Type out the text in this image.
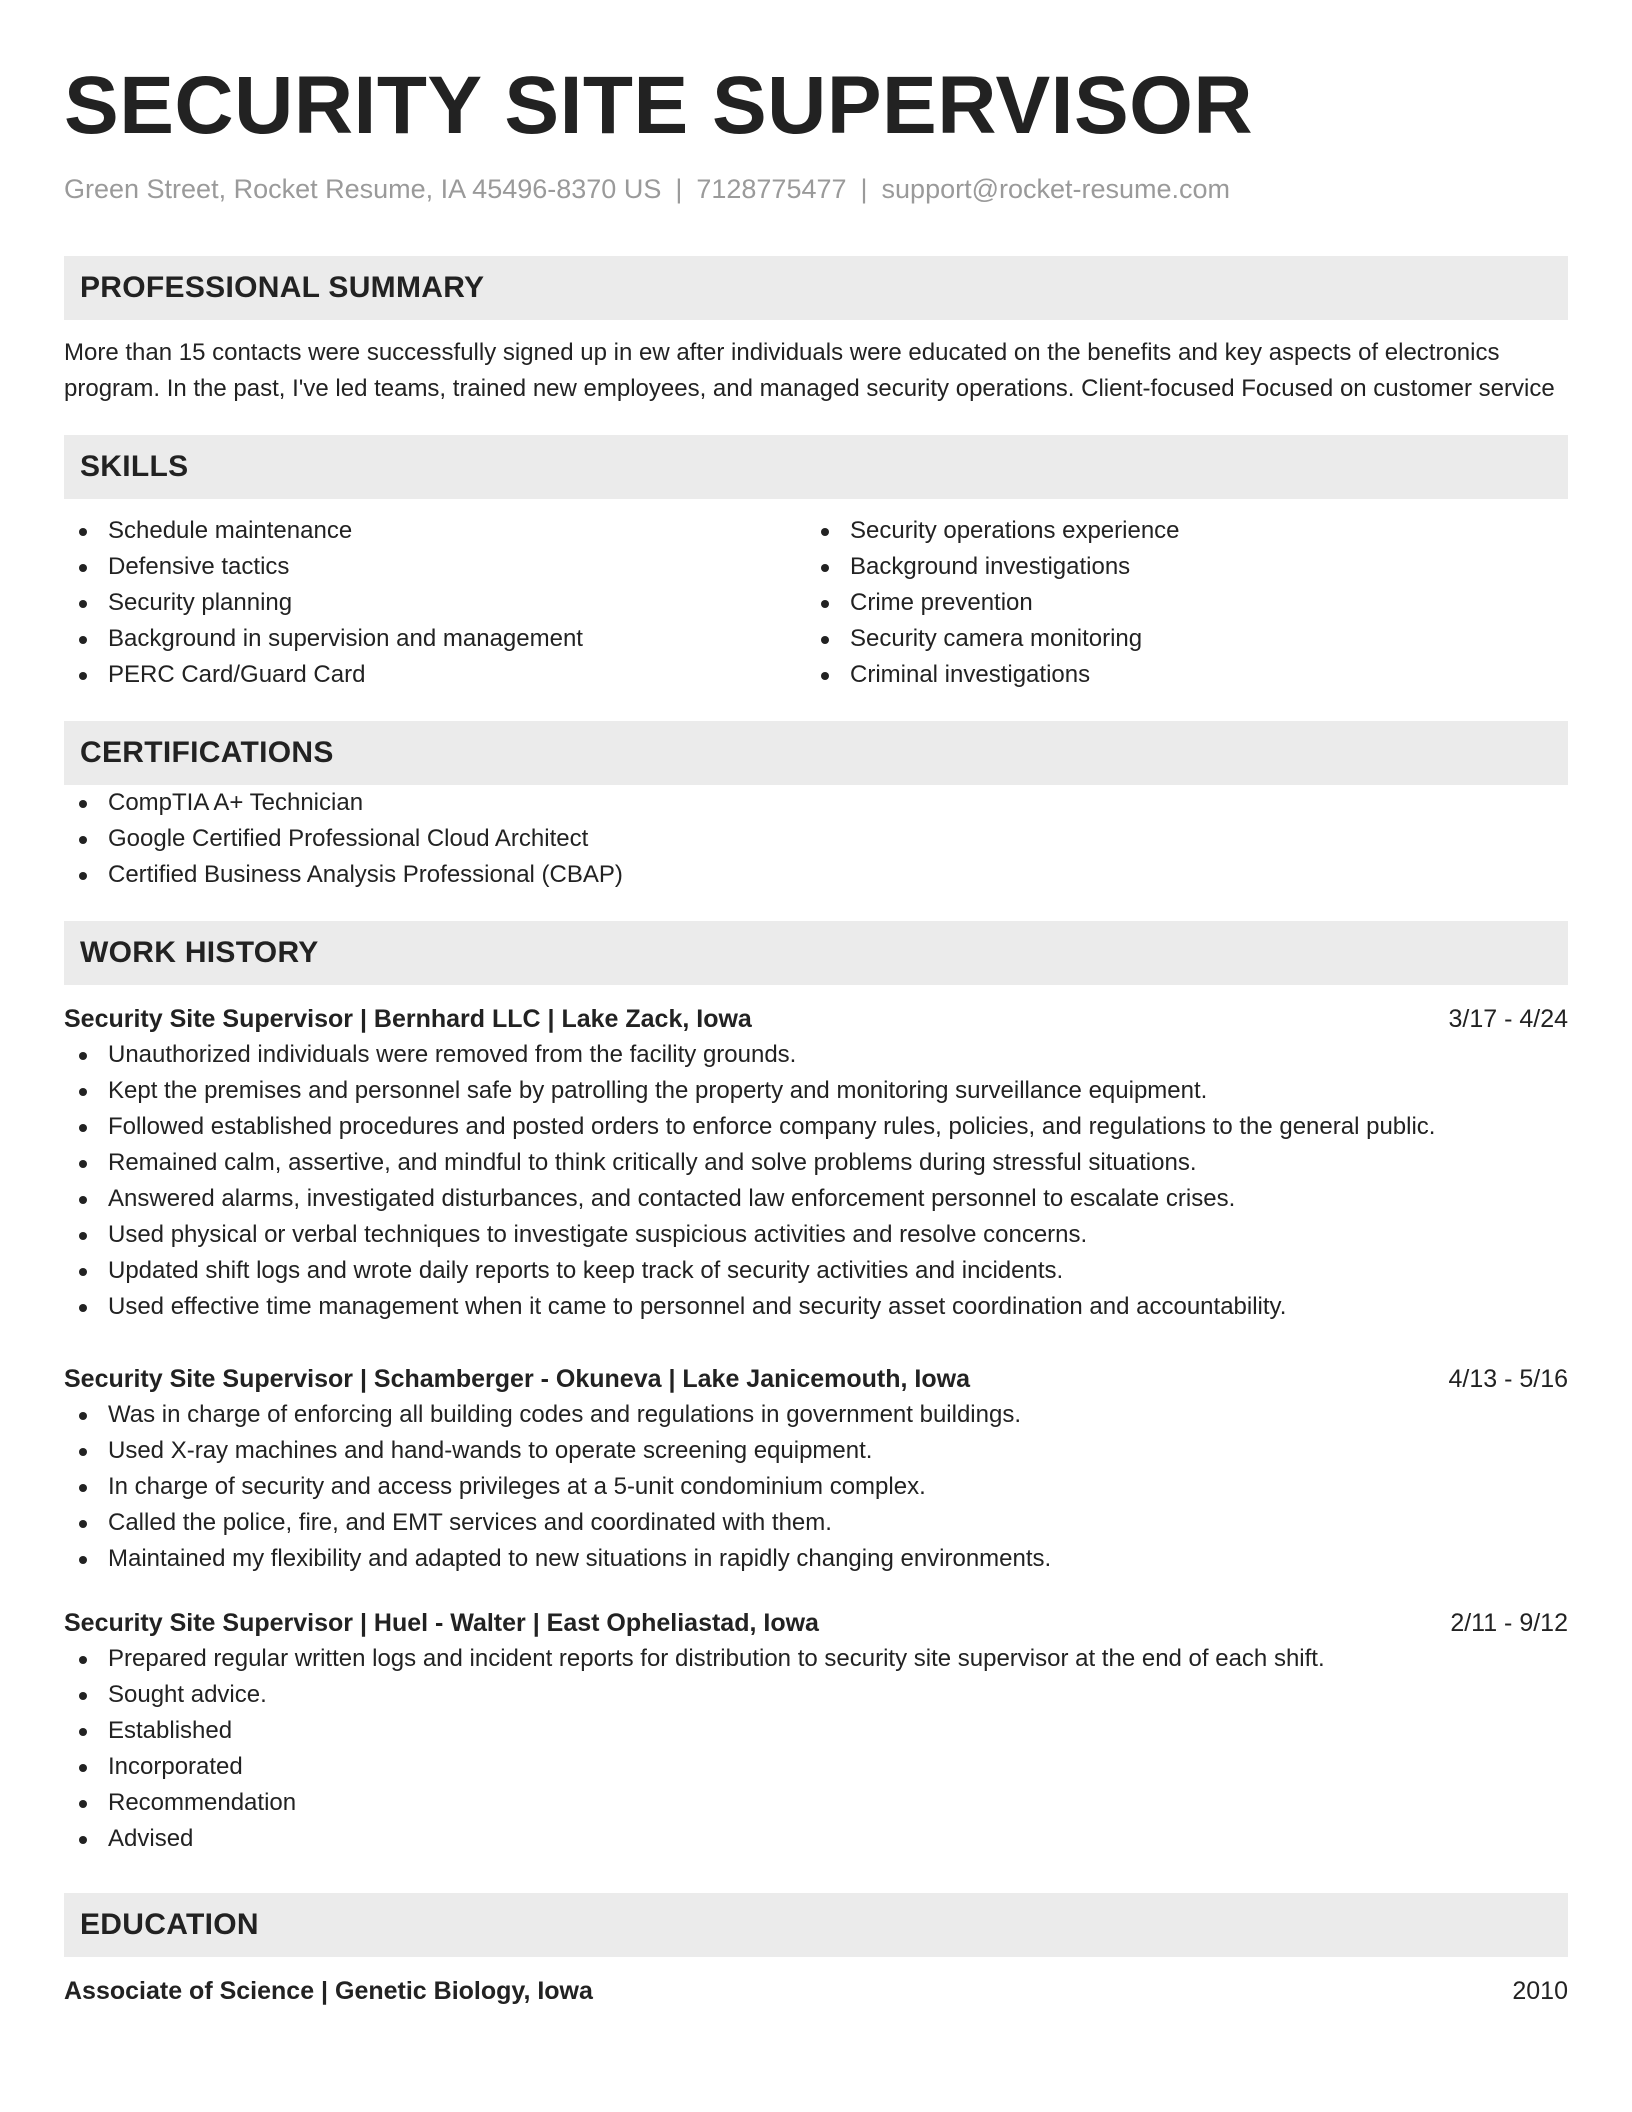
SECURITY SITE SUPERVISOR
Green Street, Rocket Resume, IA 45496-8370 US | 7128775477 | support@rocket-resume.com
PROFESSIONAL SUMMARY

More than 15 contacts were successfully signed up in ew after individuals were educated on the benefits and key aspects of electronics program. In the past, I've led teams, trained new employees, and managed security operations. Client-focused Focused on customer service

SKILLS
Schedule maintenance
Defensive tactics
Security planning
Background in supervision and management
PERC Card/Guard Card
Security operations experience
Background investigations
Crime prevention
Security camera monitoring
Criminal investigations
CERTIFICATIONS
CompTIA A+ Technician
Google Certified Professional Cloud Architect
Certified Business Analysis Professional (CBAP)
WORK HISTORY
Security Site Supervisor | Bernhard LLC | Lake Zack, Iowa	3/17 - 4/24
Unauthorized individuals were removed from the facility grounds.
Kept the premises and personnel safe by patrolling the property and monitoring surveillance equipment.
Followed established procedures and posted orders to enforce company rules, policies, and regulations to the general public.
Remained calm, assertive, and mindful to think critically and solve problems during stressful situations.
Answered alarms, investigated disturbances, and contacted law enforcement personnel to escalate crises.
Used physical or verbal techniques to investigate suspicious activities and resolve concerns.
Updated shift logs and wrote daily reports to keep track of security activities and incidents.
Used effective time management when it came to personnel and security asset coordination and accountability.
Security Site Supervisor | Schamberger - Okuneva | Lake Janicemouth, Iowa	4/13 - 5/16
Was in charge of enforcing all building codes and regulations in government buildings.
Used X-ray machines and hand-wands to operate screening equipment.
In charge of security and access privileges at a 5-unit condominium complex.
Called the police, fire, and EMT services and coordinated with them.
Maintained my flexibility and adapted to new situations in rapidly changing environments.
Security Site Supervisor | Huel - Walter | East Opheliastad, Iowa	2/11 - 9/12
Prepared regular written logs and incident reports for distribution to security site supervisor at the end of each shift.
Sought advice.
Established
Incorporated
Recommendation
Advised
EDUCATION
Associate of Science | Genetic Biology, Iowa	2010
